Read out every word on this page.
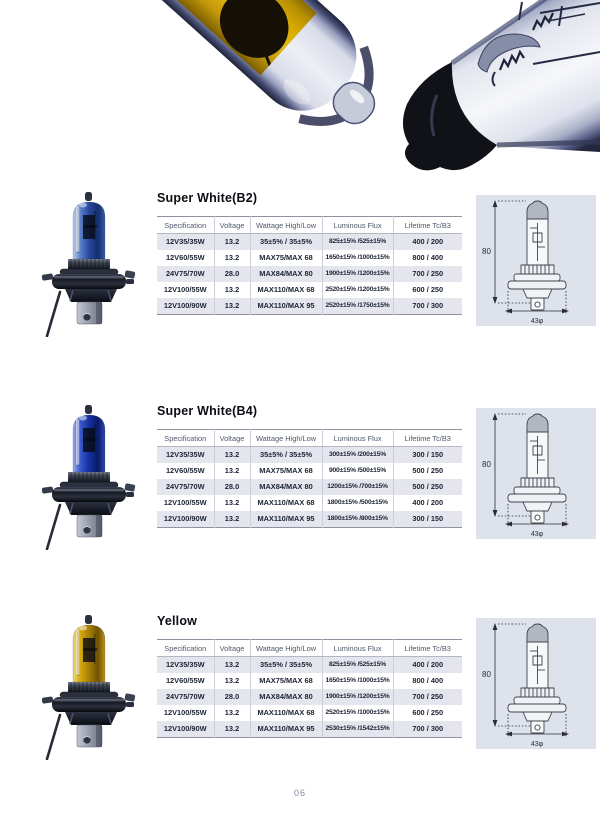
Super White(B2)
Specification	Voltage	Wattage High/Low	Luminous Flux	Lifetime Tc/B3
12V35/35W	13.2	35±5% / 35±5%	825±15% /525±15%	400 / 200
12V60/55W	13.2	MAX75/MAX 68	1650±15% /1000±15%	800 / 400
24V75/70W	28.0	MAX84/MAX 80	1900±15% /1200±15%	700 / 250
12V100/55W	13.2	MAX110/MAX 68	2520±15% /1200±15%	600 / 250
12V100/90W	13.2	MAX110/MAX 95	2520±15% /1750±15%	700 / 300
80
43φ
Super White(B4)
Specification	Voltage	Wattage High/Low	Luminous Flux	Lifetime Tc/B3
12V35/35W	13.2	35±5% / 35±5%	300±15% /200±15%	300 / 150
12V60/55W	13.2	MAX75/MAX 68	900±15% /500±15%	500 / 250
24V75/70W	28.0	MAX84/MAX 80	1200±15% /700±15%	500 / 250
12V100/55W	13.2	MAX110/MAX 68	1800±15% /500±15%	400 / 200
12V100/90W	13.2	MAX110/MAX 95	1800±15% /800±15%	300 / 150
80
43φ
Yellow
Specification	Voltage	Wattage High/Low	Luminous Flux	Lifetime Tc/B3
12V35/35W	13.2	35±5% / 35±5%	825±15% /525±15%	400 / 200
12V60/55W	13.2	MAX75/MAX 68	1650±15% /1000±15%	800 / 400
24V75/70W	28.0	MAX84/MAX 80	1900±15% /1200±15%	700 / 250
12V100/55W	13.2	MAX110/MAX 68	2520±15% /1000±15%	600 / 250
12V100/90W	13.2	MAX110/MAX 95	2530±15% /1542±15%	700 / 300
80
43φ
06
